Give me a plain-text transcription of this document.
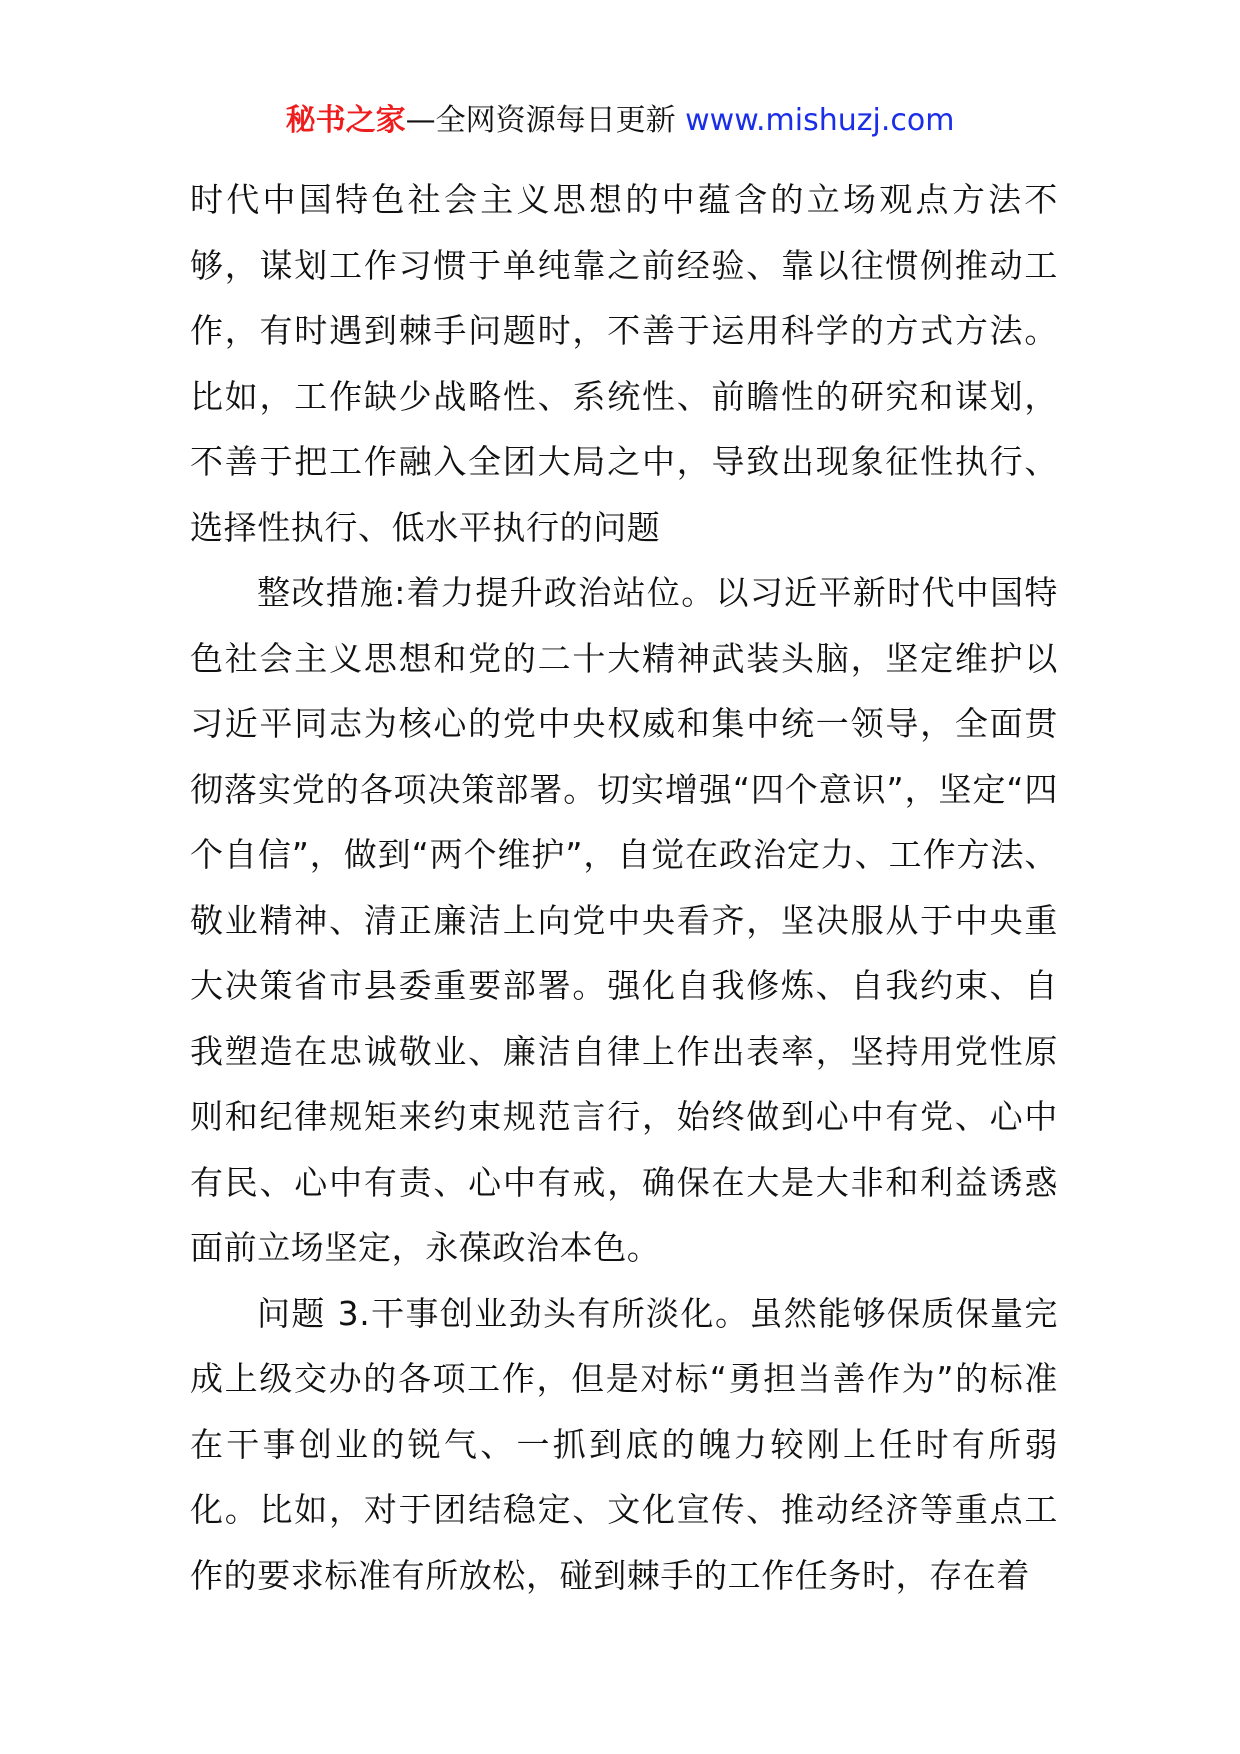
秘书之家—全网资源每日更新 www.mishuzj.com

时代中国特色社会主义思想的中蕴含的立场观点方法不够，谋划工作习惯于单纯靠之前经验、靠以往惯例推动工作，有时遇到棘手问题时，不善于运用科学的方式方法。比如，工作缺少战略性、系统性、前瞻性的研究和谋划，不善于把工作融入全团大局之中，导致出现象征性执行、选择性执行、低水平执行的问题

整改措施:着力提升政治站位。以习近平新时代中国特色社会主义思想和党的二十大精神武装头脑，坚定维护以习近平同志为核心的党中央权威和集中统一领导，全面贯彻落实党的各项决策部署。切实增强“四个意识”，坚定“四个自信”，做到“两个维护”，自觉在政治定力、工作方法、敬业精神、清正廉洁上向党中央看齐，坚决服从于中央重大决策省市县委重要部署。强化自我修炼、自我约束、自我塑造在忠诚敬业、廉洁自律上作出表率，坚持用党性原则和纪律规矩来约束规范言行，始终做到心中有党、心中有民、心中有责、心中有戒，确保在大是大非和利益诱惑面前立场坚定，永葆政治本色。

问题 3.干事创业劲头有所淡化。虽然能够保质保量完成上级交办的各项工作，但是对标“勇担当善作为”的标准在干事创业的锐气、一抓到底的魄力较刚上任时有所弱化。比如，对于团结稳定、文化宣传、推动经济等重点工作的要求标准有所放松，碰到棘手的工作任务时，存在着
